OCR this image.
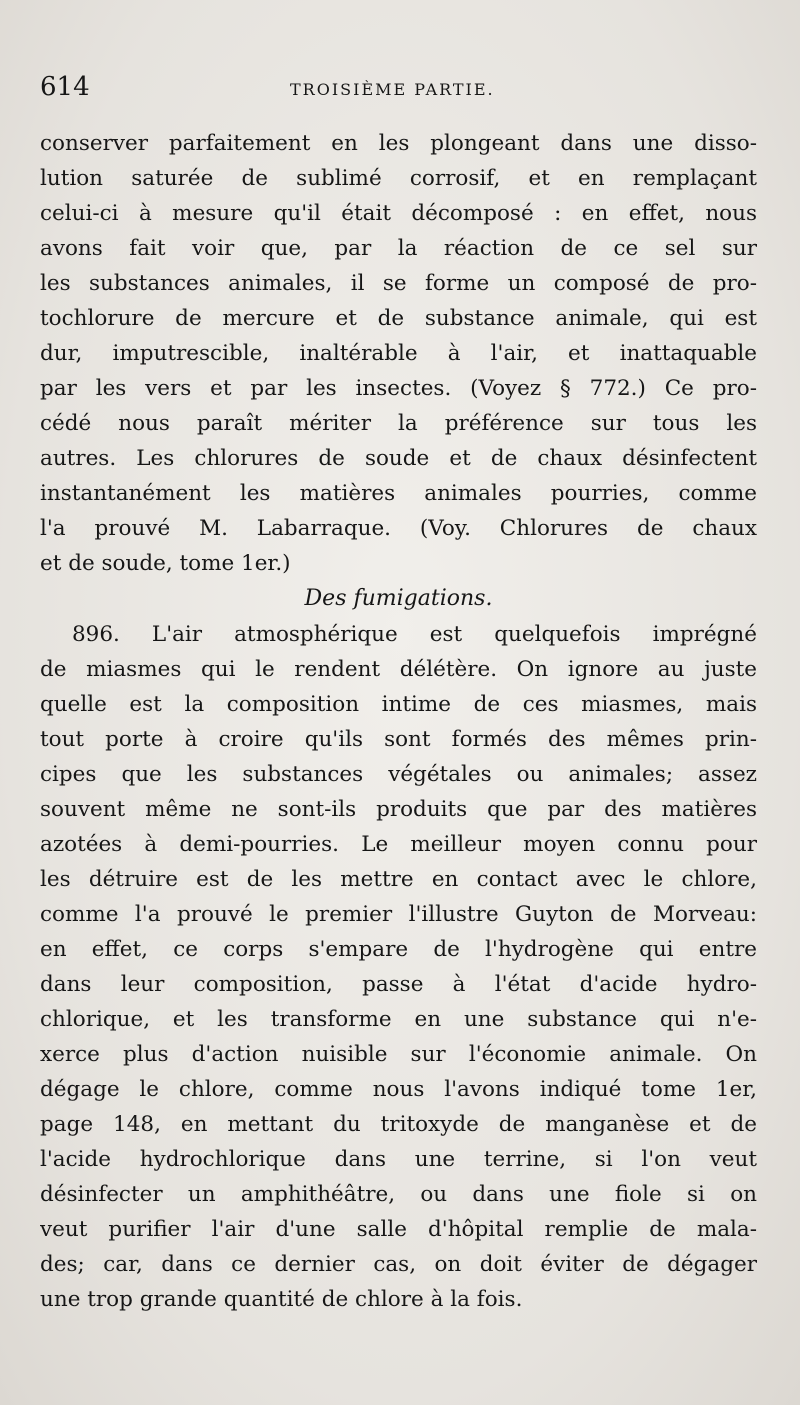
614	TROISIÈME PARTIE.
conserver parfaitement en les plongeant dans une disso-
lution saturée de sublimé corrosif, et en remplaçant
celui-ci à mesure qu'il était décomposé : en effet, nous
avons fait voir que, par la réaction de ce sel sur
les substances animales, il se forme un composé de pro-
tochlorure de mercure et de substance animale, qui est
dur, imputrescible, inaltérable à l'air, et inattaquable
par les vers et par les insectes. (Voyez § 772.) Ce pro-
cédé nous paraît mériter la préférence sur tous les
autres. Les chlorures de soude et de chaux désinfectent
instantanément les matières animales pourries, comme
l'a prouvé M. Labarraque. (Voy. Chlorures de chaux
et de soude, tome 1er.)
Des fumigations.
896. L'air atmosphérique est quelquefois imprégné
de miasmes qui le rendent délétère. On ignore au juste
quelle est la composition intime de ces miasmes, mais
tout porte à croire qu'ils sont formés des mêmes prin-
cipes que les substances végétales ou animales; assez
souvent même ne sont-ils produits que par des matières
azotées à demi-pourries. Le meilleur moyen connu pour
les détruire est de les mettre en contact avec le chlore,
comme l'a prouvé le premier l'illustre Guyton de Morveau:
en effet, ce corps s'empare de l'hydrogène qui entre
dans leur composition, passe à l'état d'acide hydro-
chlorique, et les transforme en une substance qui n'e-
xerce plus d'action nuisible sur l'économie animale. On
dégage le chlore, comme nous l'avons indiqué tome 1er,
page 148, en mettant du tritoxyde de manganèse et de
l'acide hydrochlorique dans une terrine, si l'on veut
désinfecter un amphithéâtre, ou dans une fiole si on
veut purifier l'air d'une salle d'hôpital remplie de mala-
des; car, dans ce dernier cas, on doit éviter de dégager
une trop grande quantité de chlore à la fois.
